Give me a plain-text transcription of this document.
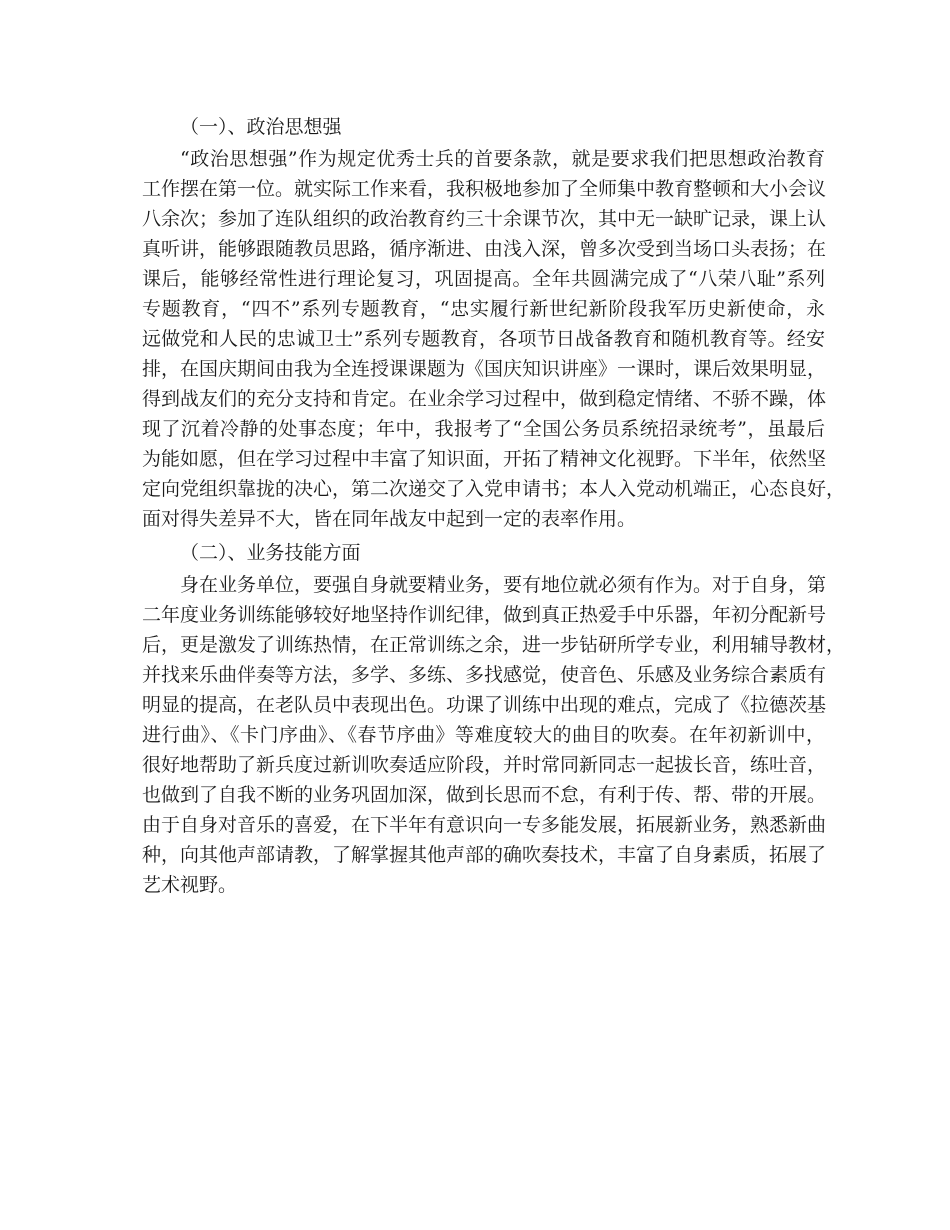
（一）、政治思想强
“政治思想强”作为规定优秀士兵的首要条款，就是要求我们把思想政治教育
工作摆在第一位。就实际工作来看，我积极地参加了全师集中教育整顿和大小会议
八余次；参加了连队组织的政治教育约三十余课节次，其中无一缺旷记录，课上认
真听讲，能够跟随教员思路，循序渐进、由浅入深，曾多次受到当场口头表扬；在
课后，能够经常性进行理论复习，巩固提高。全年共圆满完成了“八荣八耻”系列
专题教育，“四不”系列专题教育，“忠实履行新世纪新阶段我军历史新使命，永
远做党和人民的忠诚卫士”系列专题教育，各项节日战备教育和随机教育等。经安
排，在国庆期间由我为全连授课课题为《国庆知识讲座》一课时，课后效果明显，
得到战友们的充分支持和肯定。在业余学习过程中，做到稳定情绪、不骄不躁，体
现了沉着冷静的处事态度；年中，我报考了“全国公务员系统招录统考”，虽最后
为能如愿，但在学习过程中丰富了知识面，开拓了精神文化视野。下半年，依然坚
定向党组织靠拢的决心，第二次递交了入党申请书；本人入党动机端正，心态良好，
面对得失差异不大，皆在同年战友中起到一定的表率作用。
（二）、业务技能方面
身在业务单位，要强自身就要精业务，要有地位就必须有作为。对于自身，第
二年度业务训练能够较好地坚持作训纪律，做到真正热爱手中乐器，年初分配新号
后，更是激发了训练热情，在正常训练之余，进一步钻研所学专业，利用辅导教材，
并找来乐曲伴奏等方法，多学、多练、多找感觉，使音色、乐感及业务综合素质有
明显的提高，在老队员中表现出色。功课了训练中出现的难点，完成了《拉德茨基
进行曲》、《卡门序曲》、《春节序曲》等难度较大的曲目的吹奏。在年初新训中，
很好地帮助了新兵度过新训吹奏适应阶段，并时常同新同志一起拔长音，练吐音，
也做到了自我不断的业务巩固加深，做到长思而不怠，有利于传、帮、带的开展。
由于自身对音乐的喜爱，在下半年有意识向一专多能发展，拓展新业务，熟悉新曲
种，向其他声部请教，了解掌握其他声部的确吹奏技术，丰富了自身素质，拓展了
艺术视野。
